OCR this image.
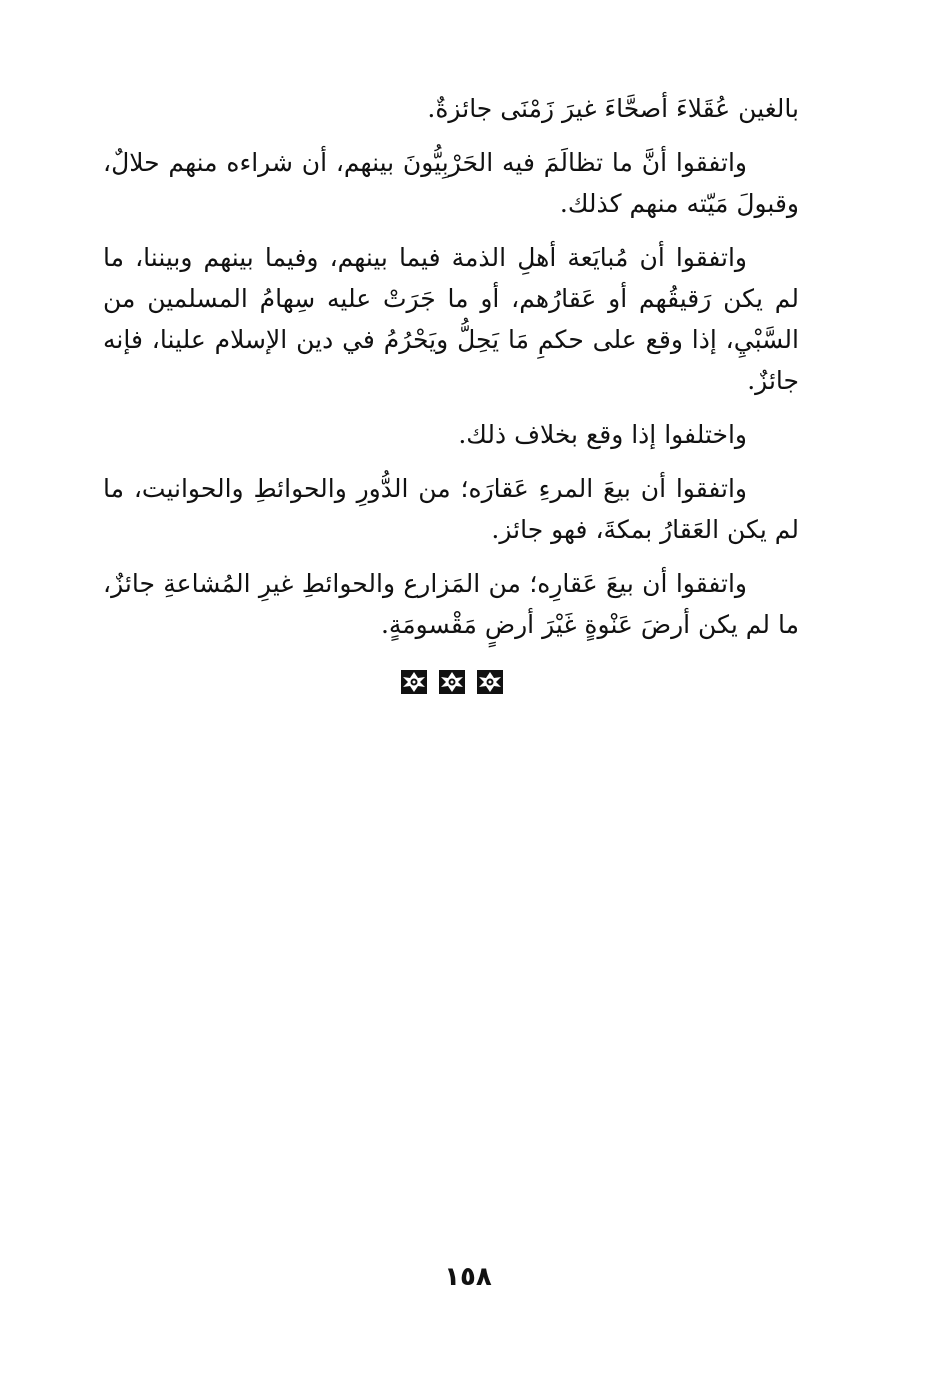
بالغين عُقَلاءَ أصحَّاءَ غيرَ زَمْنَى جائزةٌ.

واتفقوا أنَّ ما تظالَمَ فيه الحَرْبِيُّونَ بينهم، أن شراءه منهم حلالٌ، وقبولَ مَيّته منهم كذلك.

واتفقوا أن مُبايَعة أهلِ الذمة فيما بينهم، وفيما بينهم وبيننا، ما لم يكن رَقيقُهم أو عَقارُهم، أو ما جَرَتْ عليه سِهامُ المسلمين من السَّبْيِ، إذا وقع على حكمِ مَا يَحِلُّ ويَحْرُمُ في دين الإسلام علينا، فإنه جائزٌ.

واختلفوا إذا وقع بخلاف ذلك.

واتفقوا أن بيعَ المرءِ عَقارَه؛ من الدُّورِ والحوائطِ والحوانيت، ما لم يكن العَقارُ بمكةَ، فهو جائز.

واتفقوا أن بيعَ عَقارِه؛ من المَزارع والحوائطِ غيرِ المُشاعةِ جائزٌ، ما لم يكن أرضَ عَنْوةٍ غَيْرَ أرضٍ مَقْسومَةٍ.

١٥٨
